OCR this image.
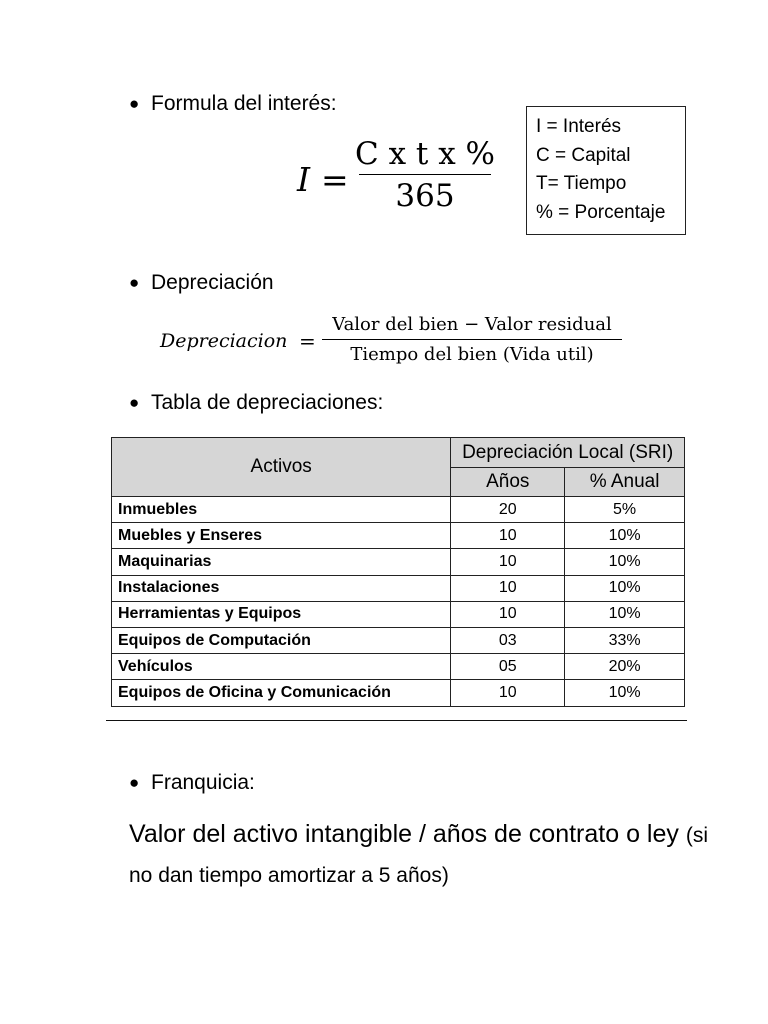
● Formula del interés:
I =
C x t x %
365
I = Interés
C = Capital
T= Tiempo
% = Porcentaje
● Depreciación
Depreciacion =
Valor del bien − Valor residual
Tiempo del bien (Vida util)
● Tabla de depreciaciones:
Activos	Depreciación Local (SRI)	
	Años	% Anual
Inmuebles	20	5%
Muebles y Enseres	10	10%
Maquinarias	10	10%
Instalaciones	10	10%
Herramientas y Equipos	10	10%
Equipos de Computación	03	33%
Vehículos	05	20%
Equipos de Oficina y Comunicación	10	10%
● Franquicia:
Valor del activo intangible / años de contrato o ley (si no dan tiempo amortizar a 5 años)
